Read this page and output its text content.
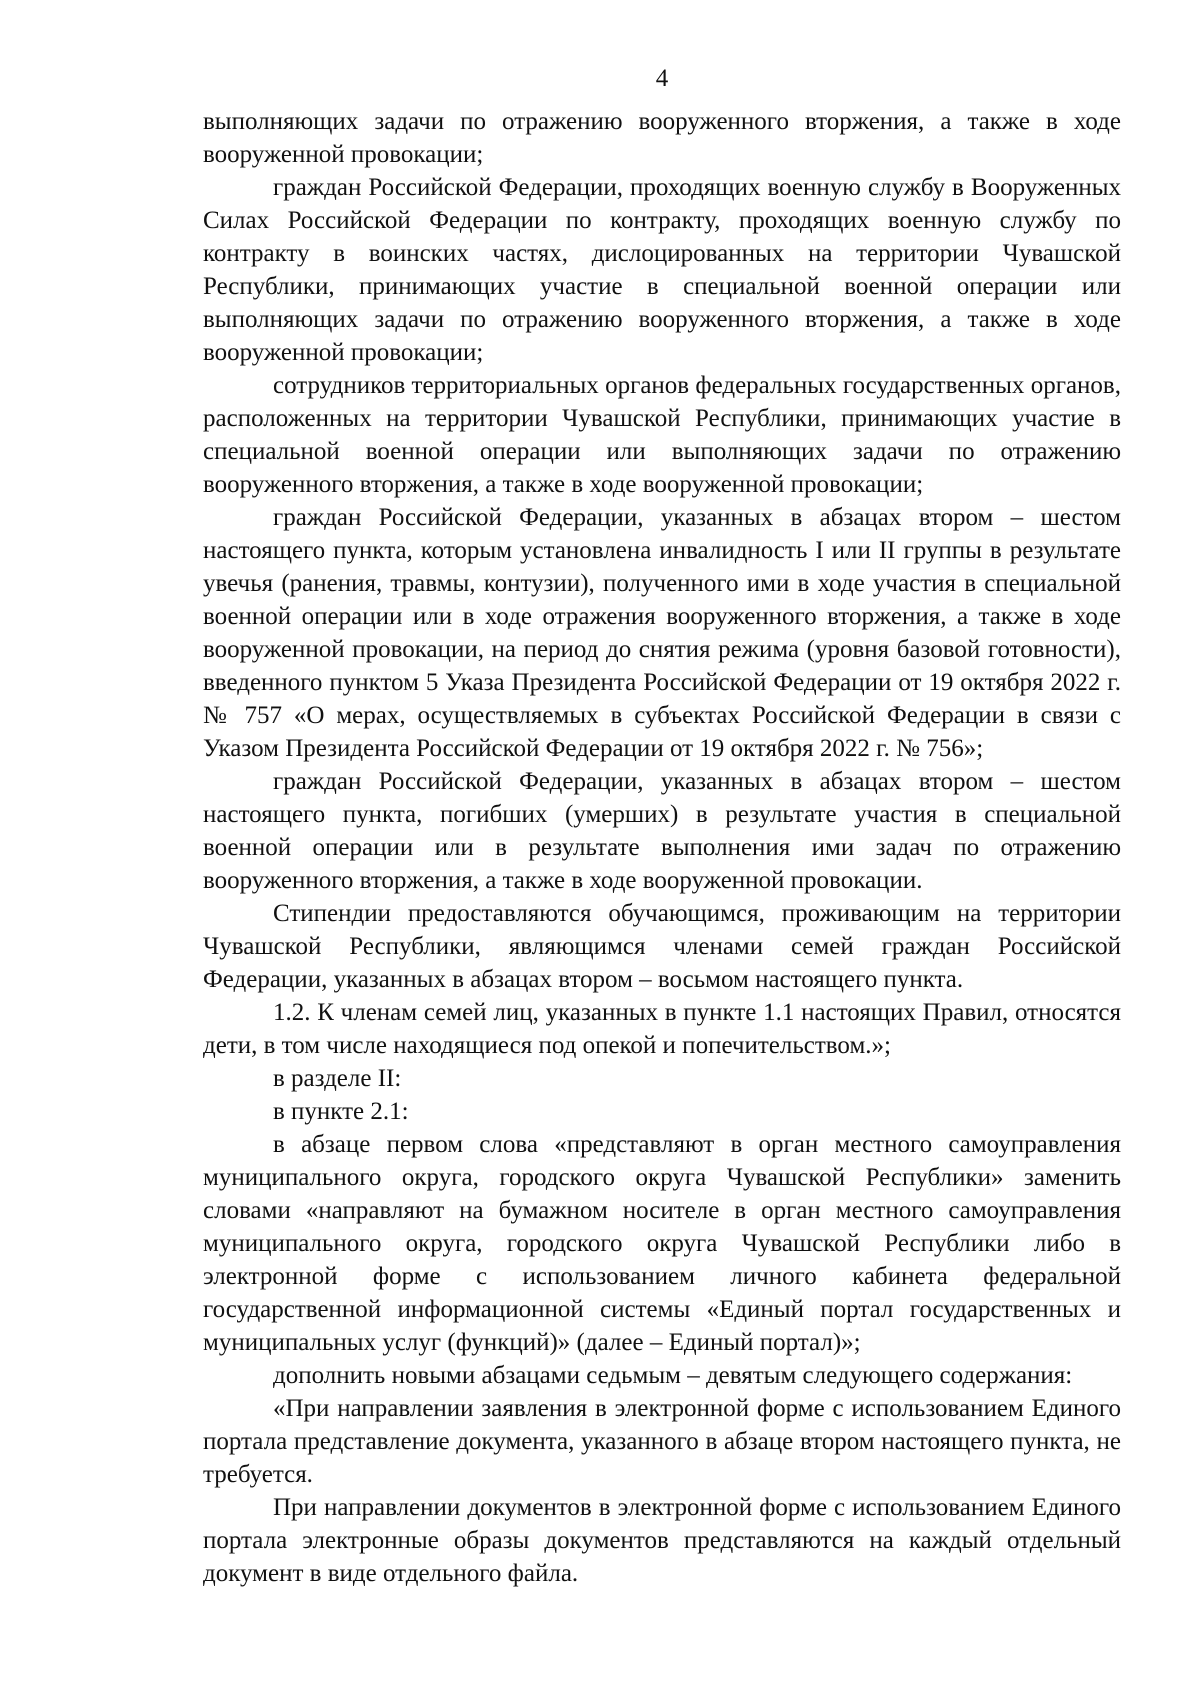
4

выполняющих задачи по отражению вооруженного вторжения, а также в ходе вооруженной провокации;

граждан Российской Федерации, проходящих военную службу в Вооруженных Силах Российской Федерации по контракту, проходящих военную службу по контракту в воинских частях, дислоцированных на территории Чувашской Республики, принимающих участие в специальной военной операции или выполняющих задачи по отражению вооруженного вторжения, а также в ходе вооруженной провокации;

сотрудников территориальных органов федеральных государственных органов, расположенных на территории Чувашской Республики, принимающих участие в специальной военной операции или выполняющих задачи по отражению вооруженного вторжения, а также в ходе вооруженной провокации;

граждан Российской Федерации, указанных в абзацах втором – шестом настоящего пункта, которым установлена инвалидность I или II группы в результате увечья (ранения, травмы, контузии), полученного ими в ходе участия в специальной военной операции или в ходе отражения вооруженного вторжения, а также в ходе вооруженной провокации, на период до снятия режима (уровня базовой готовности), введенного пунктом 5 Указа Президента Российской Федерации от 19 октября 2022 г. № 757 «О мерах, осуществляемых в субъектах Российской Федерации в связи с Указом Президента Российской Федерации от 19 октября 2022 г. № 756»;

граждан Российской Федерации, указанных в абзацах втором – шестом настоящего пункта, погибших (умерших) в результате участия в специальной военной операции или в результате выполнения ими задач по отражению вооруженного вторжения, а также в ходе вооруженной провокации.

Стипендии предоставляются обучающимся, проживающим на территории Чувашской Республики, являющимся членами семей граждан Российской Федерации, указанных в абзацах втором – восьмом настоящего пункта.

1.2. К членам семей лиц, указанных в пункте 1.1 настоящих Правил, относятся дети, в том числе находящиеся под опекой и попечительством.»;

в разделе II:

в пункте 2.1:

в абзаце первом слова «представляют в орган местного самоуправления муниципального округа, городского округа Чувашской Республики» заменить словами «направляют на бумажном носителе в орган местного самоуправления муниципального округа, городского округа Чувашской Республики либо в электронной форме с использованием личного кабинета федеральной государственной информационной системы «Единый портал государственных и муниципальных услуг (функций)» (далее – Единый портал)»;

дополнить новыми абзацами седьмым – девятым следующего содержания:

«При направлении заявления в электронной форме с использованием Единого портала представление документа, указанного в абзаце втором настоящего пункта, не требуется.

При направлении документов в электронной форме с использованием Единого портала электронные образы документов представляются на каждый отдельный документ в виде отдельного файла.
